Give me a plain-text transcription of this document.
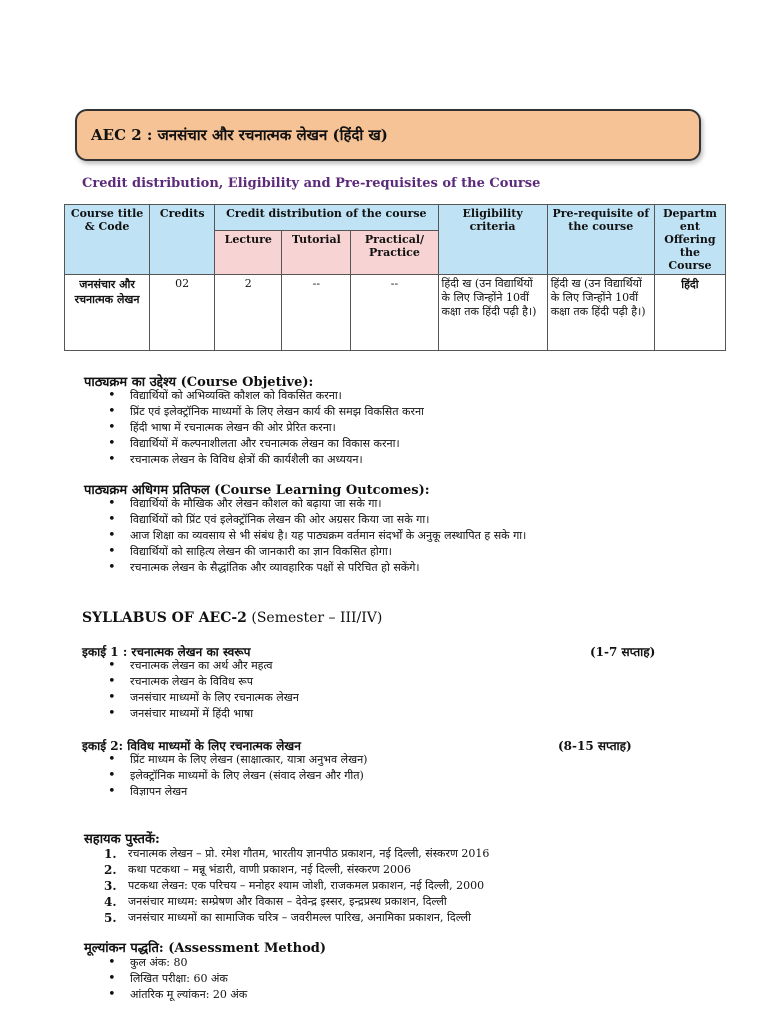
AEC 2 : जनसंचार और रचनात्मक लेखन (हिंदी ख)
Credit distribution, Eligibility and Pre-requisites of the Course
Course title & Code	Credits	Credit distribution of the course			Eligibility criteria	Pre-requisite of the course	Departm ent Offering the Course
		Lecture	Tutorial	Practical/ Practice			
जनसंचार और रचनात्मक लेखन	02	2	--	--	हिंदी ख (उन विद्यार्थियों के लिए जिन्होंने 10वीं कक्षा तक हिंदी पढ़ी है।)	हिंदी ख (उन विद्यार्थियों के लिए जिन्होंने 10वीं कक्षा तक हिंदी पढ़ी है।)	हिंदी
पाठ्यक्रम का उद्देश्य (Course Objetive):
• विद्यार्थियों को अभिव्यक्ति कौशल को विकसित करना।
• प्रिंट एवं इलेक्ट्रॉनिक माध्यमों के लिए लेखन कार्य की समझ विकसित करना
• हिंदी भाषा में रचनात्मक लेखन की ओर प्रेरित करना।
• विद्यार्थियों में कल्पनाशीलता और रचनात्मक लेखन का विकास करना।
• रचनात्मक लेखन के विविध क्षेत्रों की कार्यशैली का अध्ययन।
पाठ्यक्रम अधिगम प्रतिफल (Course Learning Outcomes):
• विद्यार्थियों के मौखिक और लेखन कौशल को बढ़ाया जा सके गा।
• विद्यार्थियों को प्रिंट एवं इलेक्ट्रॉनिक लेखन की ओर अग्रसर किया जा सके गा।
• आज शिक्षा का व्यवसाय से भी संबंध है। यह पाठ्यक्रम वर्तमान संदर्भों के अनुकू लस्थापित ह सके गा।
• विद्यार्थियों को साहित्य लेखन की जानकारी का ज्ञान विकसित होगा।
• रचनात्मक लेखन के सैद्धांतिक और व्यावहारिक पक्षों से परिचित हो सकेंगे।
SYLLABUS OF AEC-2 (Semester – III/IV)
इकाई 1 : रचनात्मक लेखन का स्वरूप	(1-7 सप्ताह)
• रचनात्मक लेखन का अर्थ और महत्व
• रचनात्मक लेखन के विविध रूप
• जनसंचार माध्यमों के लिए रचनात्मक लेखन
• जनसंचार माध्यमों में हिंदी भाषा
इकाई 2: विविध माध्यमों के लिए रचनात्मक लेखन	(8-15 सप्ताह)
• प्रिंट माध्यम के लिए लेखन (साक्षात्कार, यात्रा अनुभव लेखन)
• इलेक्ट्रॉनिक माध्यमों के लिए लेखन (संवाद लेखन और गीत)
• विज्ञापन लेखन
सहायक पुस्तकें:
1. रचनात्मक लेखन – प्रो. रमेश गौतम, भारतीय ज्ञानपीठ प्रकाशन, नई दिल्ली, संस्करण 2016
2. कथा पटकथा – मन्नू भंडारी, वाणी प्रकाशन, नई दिल्ली, संस्करण 2006
3. पटकथा लेखन: एक परिचय – मनोहर श्याम जोशी, राजकमल प्रकाशन, नई दिल्ली, 2000
4. जनसंचार माध्यम: सम्प्रेषण और विकास – देवेन्द्र इस्सर, इन्द्रप्रस्थ प्रकाशन, दिल्ली
5. जनसंचार माध्यमों का सामाजिक चरित्र – जवरीमल्ल पारिख, अनामिका प्रकाशन, दिल्ली
मूल्यांकन पद्धति: (Assessment Method)
• कुल अंक: 80
• लिखित परीक्षा: 60 अंक
• आंतरिक मू ल्यांकन: 20 अंक
